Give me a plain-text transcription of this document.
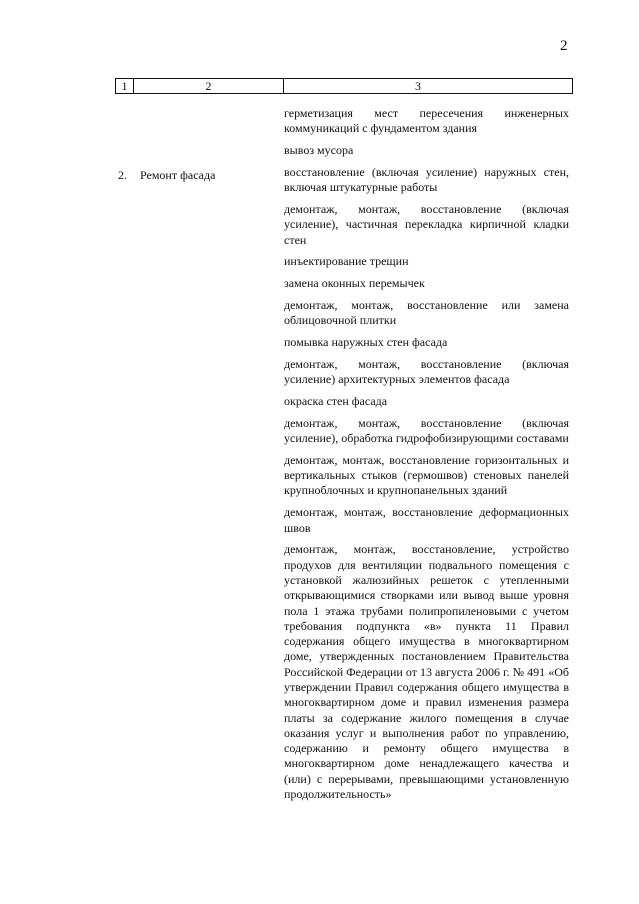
2
1	2	3
2. Ремонт фасада

герметизация мест пересечения инженерных коммуникаций с фундаментом здания

вывоз мусора

восстановление (включая усиление) наружных стен, включая штукатурные работы

демонтаж, монтаж, восстановление (включая усиление), частичная перекладка кирпичной кладки стен

инъектирование трещин

замена оконных перемычек

демонтаж, монтаж, восстановление или замена облицовочной плитки

помывка наружных стен фасада

демонтаж, монтаж, восстановление (включая усиление) архитектурных элементов фасада

окраска стен фасада

демонтаж, монтаж, восстановление (включая усиление), обработка гидрофобизирующими составами

демонтаж, монтаж, восстановление горизонтальных и вертикальных стыков (гермошвов) стеновых панелей крупноблочных и крупнопанельных зданий

демонтаж, монтаж, восстановление деформационных швов

демонтаж, монтаж, восстановление, устройство продухов для вентиляции подвального помещения с установкой жалюзийных решеток с утепленными открывающимися створками или вывод выше уровня пола 1 этажа трубами полипропиленовыми с учетом требования подпункта «в» пункта 11 Правил содержания общего имущества в многоквартирном доме, утвержденных постановлением Правительства Российской Федерации от 13 августа 2006 г. № 491 «Об утверждении Правил содержания общего имущества в многоквартирном доме и правил изменения размера платы за содержание жилого помещения в случае оказания услуг и выполнения работ по управлению, содержанию и ремонту общего имущества в многоквартирном доме ненадлежащего качества и (или) с перерывами, превышающими установленную продолжительность»
